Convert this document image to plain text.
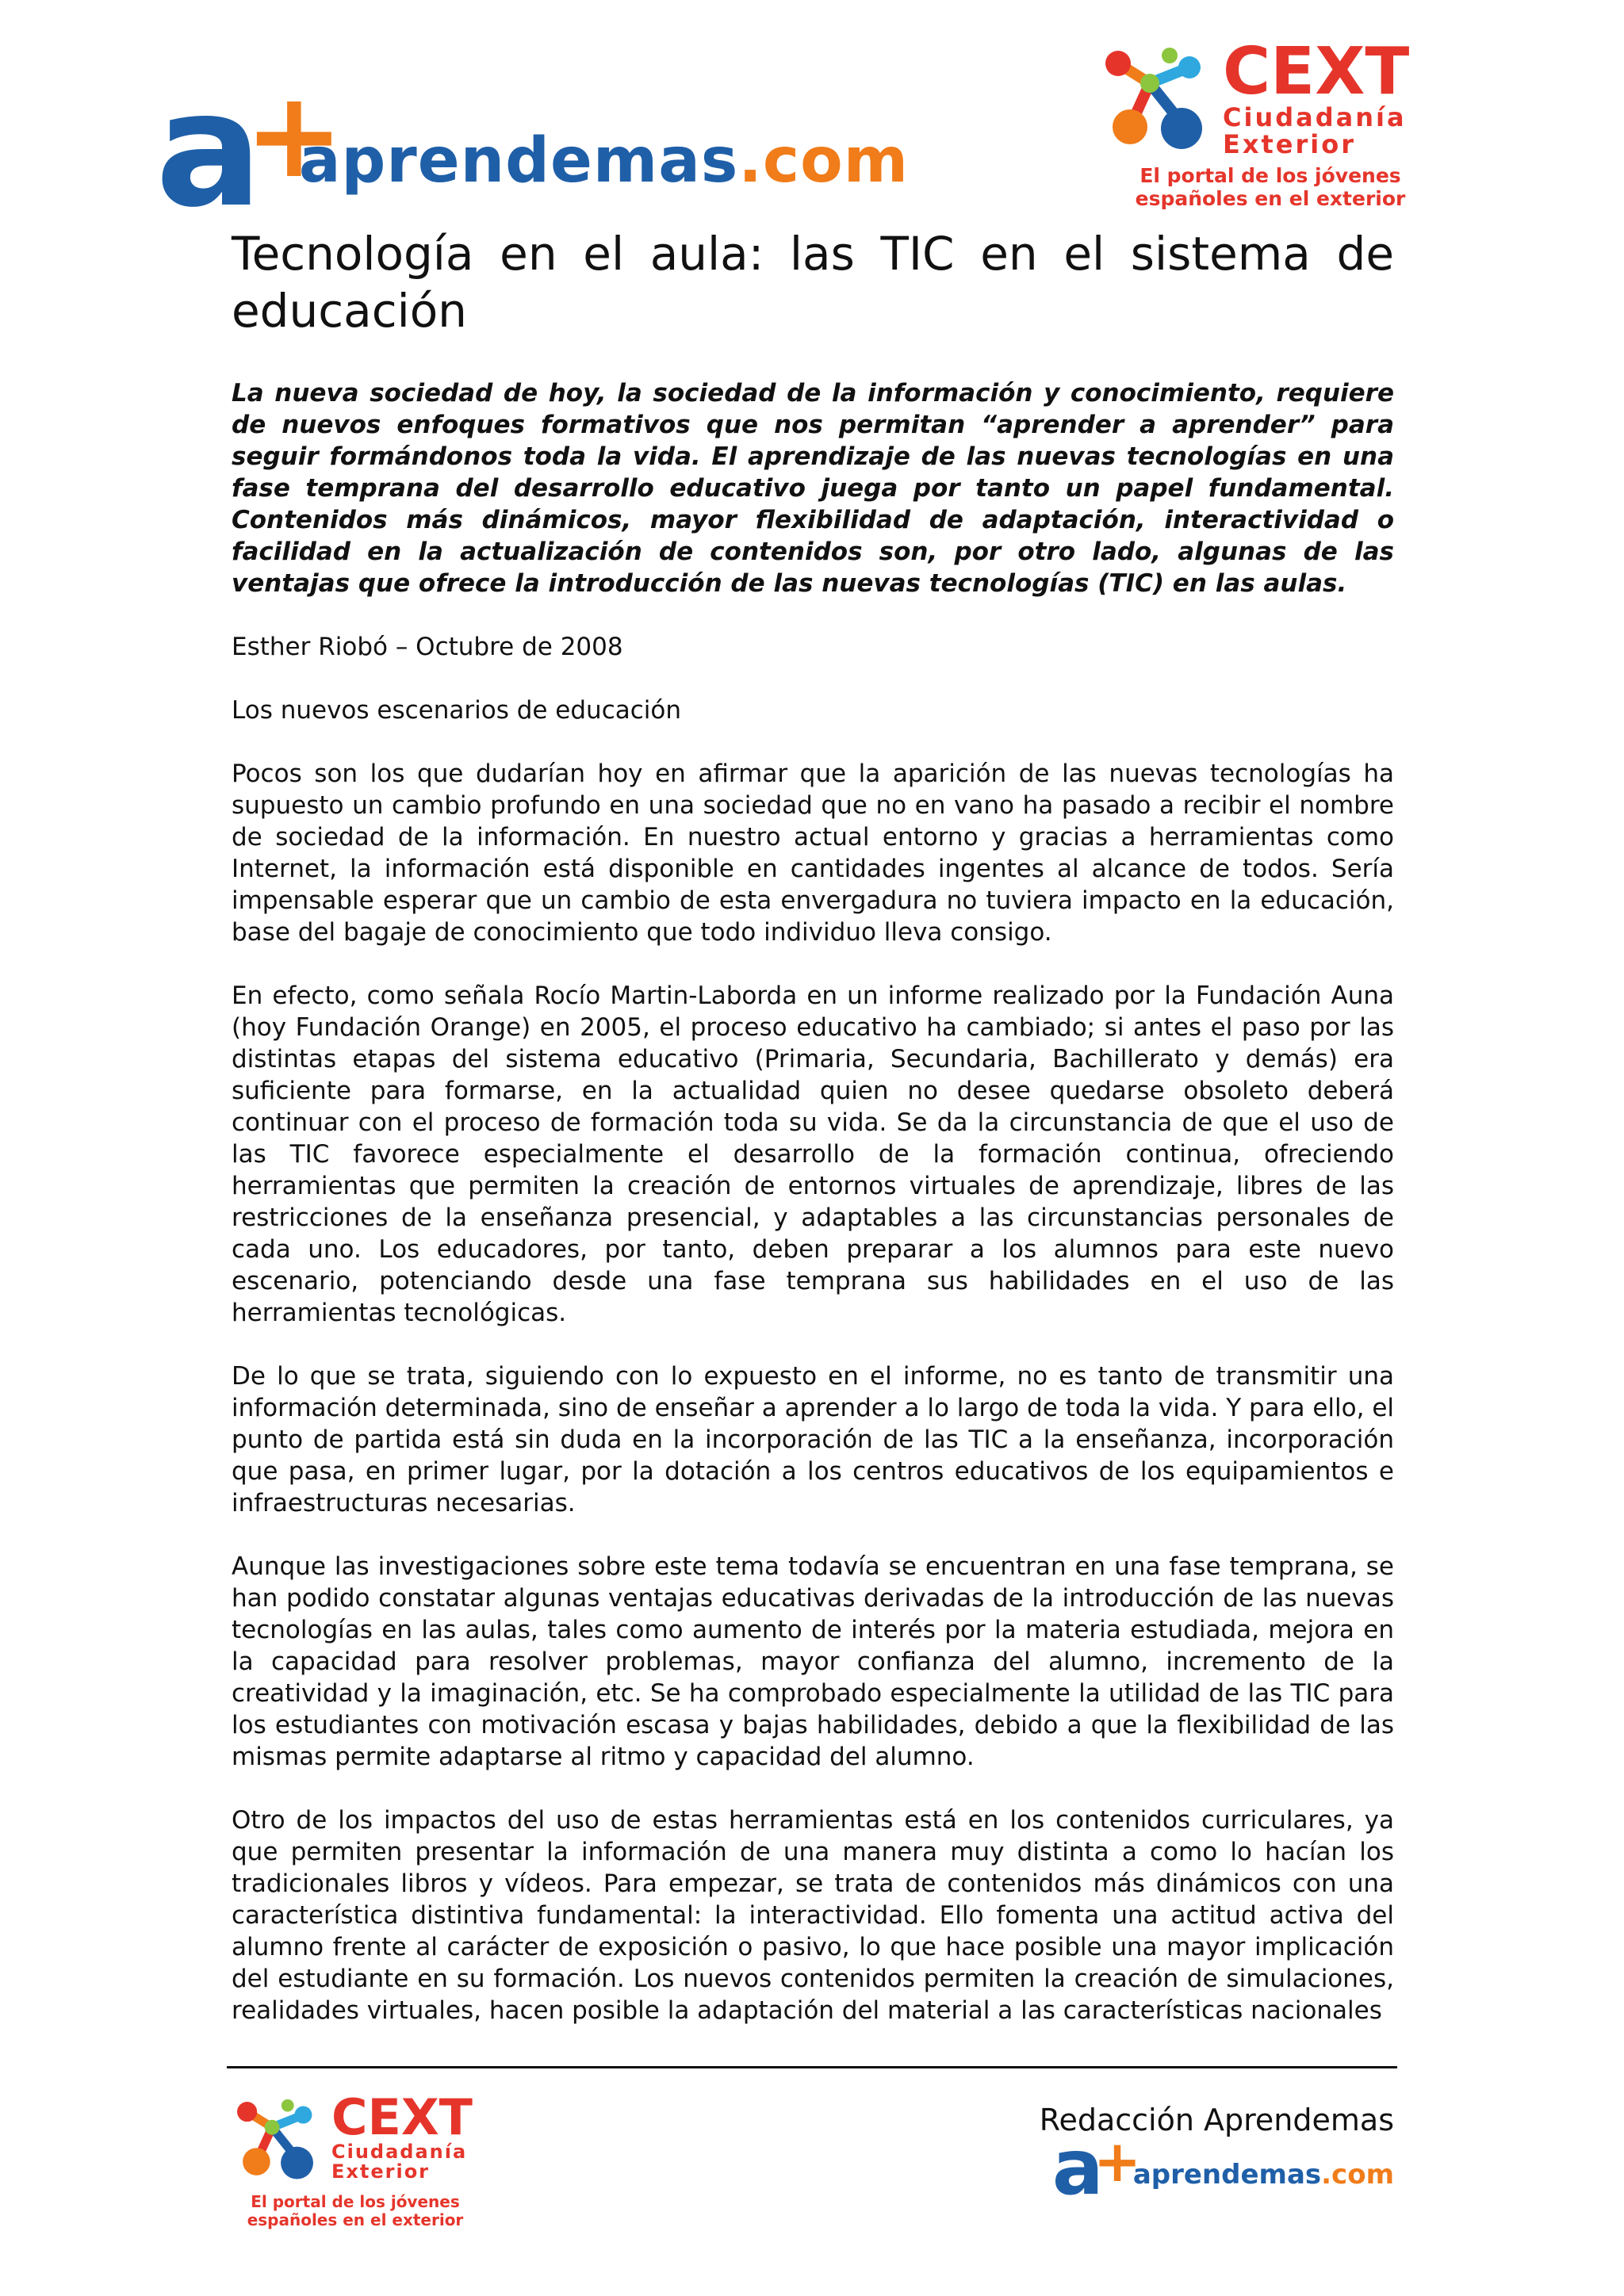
a
+
aprendemas.com
CEXT
Ciudadanía
Exterior
El portal de los jóvenes
españoles en el exterior
Tecnología en el aula: las TIC en el sistema de educación

La nueva sociedad de hoy, la sociedad de la información y conocimiento, requiere de nuevos enfoques formativos que nos permitan “aprender a aprender” para seguir formándonos toda la vida. El aprendizaje de las nuevas tecnologías en una fase temprana del desarrollo educativo juega por tanto un papel fundamental. Contenidos más dinámicos, mayor flexibilidad de adaptación, interactividad o facilidad en la actualización de contenidos son, por otro lado, algunas de las ventajas que ofrece la introducción de las nuevas tecnologías (TIC) en las aulas.

Esther Riobó – Octubre de 2008

Los nuevos escenarios de educación

Pocos son los que dudarían hoy en afirmar que la aparición de las nuevas tecnologías ha supuesto un cambio profundo en una sociedad que no en vano ha pasado a recibir el nombre de sociedad de la información. En nuestro actual entorno y gracias a herramientas como Internet, la información está disponible en cantidades ingentes al alcance de todos. Sería impensable esperar que un cambio de esta envergadura no tuviera impacto en la educación, base del bagaje de conocimiento que todo individuo lleva consigo.

En efecto, como señala Rocío Martin-Laborda en un informe realizado por la Fundación Auna (hoy Fundación Orange) en 2005, el proceso educativo ha cambiado; si antes el paso por las distintas etapas del sistema educativo (Primaria, Secundaria, Bachillerato y demás) era suficiente para formarse, en la actualidad quien no desee quedarse obsoleto deberá continuar con el proceso de formación toda su vida. Se da la circunstancia de que el uso de las TIC favorece especialmente el desarrollo de la formación continua, ofreciendo herramientas que permiten la creación de entornos virtuales de aprendizaje, libres de las restricciones de la enseñanza presencial, y adaptables a las circunstancias personales de cada uno. Los educadores, por tanto, deben preparar a los alumnos para este nuevo escenario, potenciando desde una fase temprana sus habilidades en el uso de las herramientas tecnológicas.

De lo que se trata, siguiendo con lo expuesto en el informe, no es tanto de transmitir una información determinada, sino de enseñar a aprender a lo largo de toda la vida. Y para ello, el punto de partida está sin duda en la incorporación de las TIC a la enseñanza, incorporación que pasa, en primer lugar, por la dotación a los centros educativos de los equipamientos e infraestructuras necesarias.

Aunque las investigaciones sobre este tema todavía se encuentran en una fase temprana, se han podido constatar algunas ventajas educativas derivadas de la introducción de las nuevas tecnologías en las aulas, tales como aumento de interés por la materia estudiada, mejora en la capacidad para resolver problemas, mayor confianza del alumno, incremento de la creatividad y la imaginación, etc. Se ha comprobado especialmente la utilidad de las TIC para los estudiantes con motivación escasa y bajas habilidades, debido a que la flexibilidad de las mismas permite adaptarse al ritmo y capacidad del alumno.

Otro de los impactos del uso de estas herramientas está en los contenidos curriculares, ya que permiten presentar la información de una manera muy distinta a como lo hacían los tradicionales libros y vídeos. Para empezar, se trata de contenidos más dinámicos con una característica distintiva fundamental: la interactividad. Ello fomenta una actitud activa del alumno frente al carácter de exposición o pasivo, lo que hace posible una mayor implicación del estudiante en su formación. Los nuevos contenidos permiten la creación de simulaciones, realidades virtuales, hacen posible la adaptación del material a las características nacionales

CEXT
Ciudadanía
Exterior
El portal de los jóvenes
españoles en el exterior
Redacción Aprendemas
a
+
aprendemas.com
